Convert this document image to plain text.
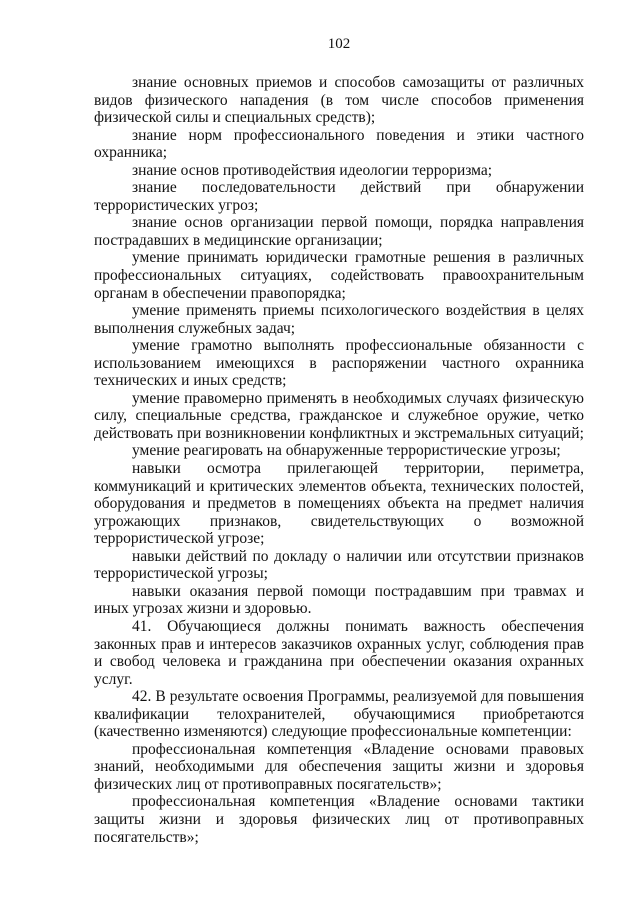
102

знание основных приемов и способов самозащиты от различных видов физического нападения (в том числе способов применения физической силы и специальных средств);

знание норм профессионального поведения и этики частного охранника;

знание основ противодействия идеологии терроризма;

знание последовательности действий при обнаружении террористических угроз;

знание основ организации первой помощи, порядка направления пострадавших в медицинские организации;

умение принимать юридически грамотные решения в различных профессиональных ситуациях, содействовать правоохранительным органам в обеспечении правопорядка;

умение применять приемы психологического воздействия в целях выполнения служебных задач;

умение грамотно выполнять профессиональные обязанности с использованием имеющихся в распоряжении частного охранника технических и иных средств;

умение правомерно применять в необходимых случаях физическую силу, специальные средства, гражданское и служебное оружие, четко действовать при возникновении конфликтных и экстремальных ситуаций;

умение реагировать на обнаруженные террористические угрозы;

навыки осмотра прилегающей территории, периметра, коммуникаций и критических элементов объекта, технических полостей, оборудования и предметов в помещениях объекта на предмет наличия угрожающих признаков, свидетельствующих о возможной террористической угрозе;

навыки действий по докладу о наличии или отсутствии признаков террористической угрозы;

навыки оказания первой помощи пострадавшим при травмах и иных угрозах жизни и здоровью.

41. Обучающиеся должны понимать важность обеспечения законных прав и интересов заказчиков охранных услуг, соблюдения прав и свобод человека и гражданина при обеспечении оказания охранных услуг.

42. В результате освоения Программы, реализуемой для повышения квалификации телохранителей, обучающимися приобретаются (качественно изменяются) следующие профессиональные компетенции:

профессиональная компетенция «Владение основами правовых знаний, необходимыми для обеспечения защиты жизни и здоровья физических лиц от противоправных посягательств»;

профессиональная компетенция «Владение основами тактики защиты жизни и здоровья физических лиц от противоправных посягательств»;
